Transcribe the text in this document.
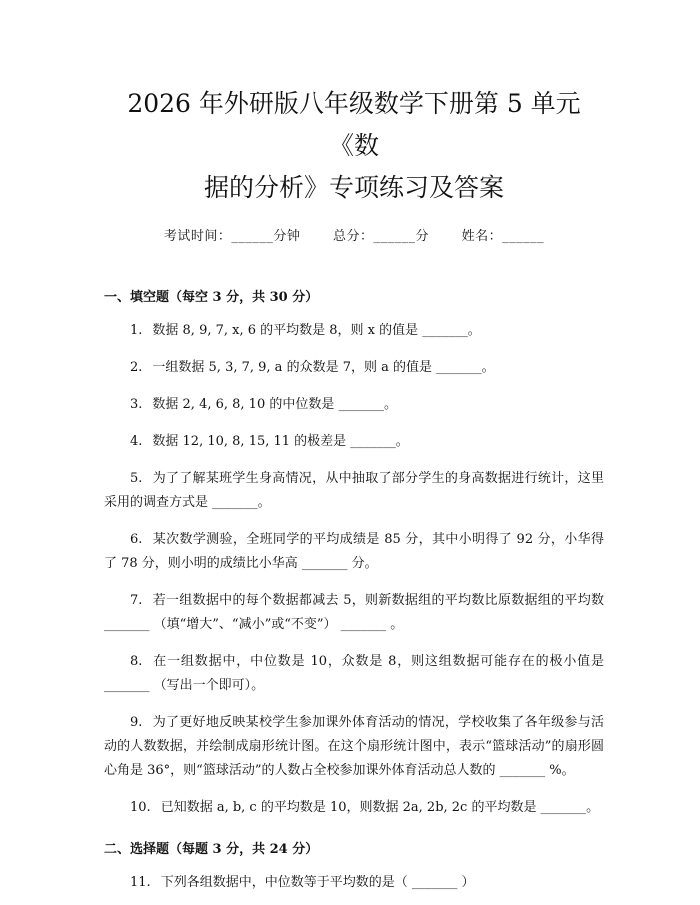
2026 年外研版八年级数学下册第 5 单元《数
据的分析》专项练习及答案
考试时间：______分钟	总分：______分	姓名：______
一、填空题（每空 3 分，共 30 分）

1. 数据 8, 9, 7, x, 6 的平均数是 8，则 x 的值是 _______。

2. 一组数据 5, 3, 7, 9, a 的众数是 7，则 a 的值是 _______。

3. 数据 2, 4, 6, 8, 10 的中位数是 _______。

4. 数据 12, 10, 8, 15, 11 的极差是 _______。

5. 为了了解某班学生身高情况，从中抽取了部分学生的身高数据进行统计，这里采用的调查方式是 _______。

6. 某次数学测验，全班同学的平均成绩是 85 分，其中小明得了 92 分，小华得了 78 分，则小明的成绩比小华高 _______ 分。

7. 若一组数据中的每个数据都减去 5，则新数据组的平均数比原数据组的平均数 _______ （填“增大”、“减小”或“不变”） _______ 。

8. 在一组数据中，中位数是 10，众数是 8，则这组数据可能存在的极小值是 _______ （写出一个即可）。

9. 为了更好地反映某校学生参加课外体育活动的情况，学校收集了各年级参与活动的人数数据，并绘制成扇形统计图。在这个扇形统计图中，表示“篮球活动”的扇形圆心角是 36°，则“篮球活动”的人数占全校参加课外体育活动总人数的 _______ %。

10. 已知数据 a, b, c 的平均数是 10，则数据 2a, 2b, 2c 的平均数是 _______。

二、选择题（每题 3 分，共 24 分）

11. 下列各组数据中，中位数等于平均数的是（ _______ ）
